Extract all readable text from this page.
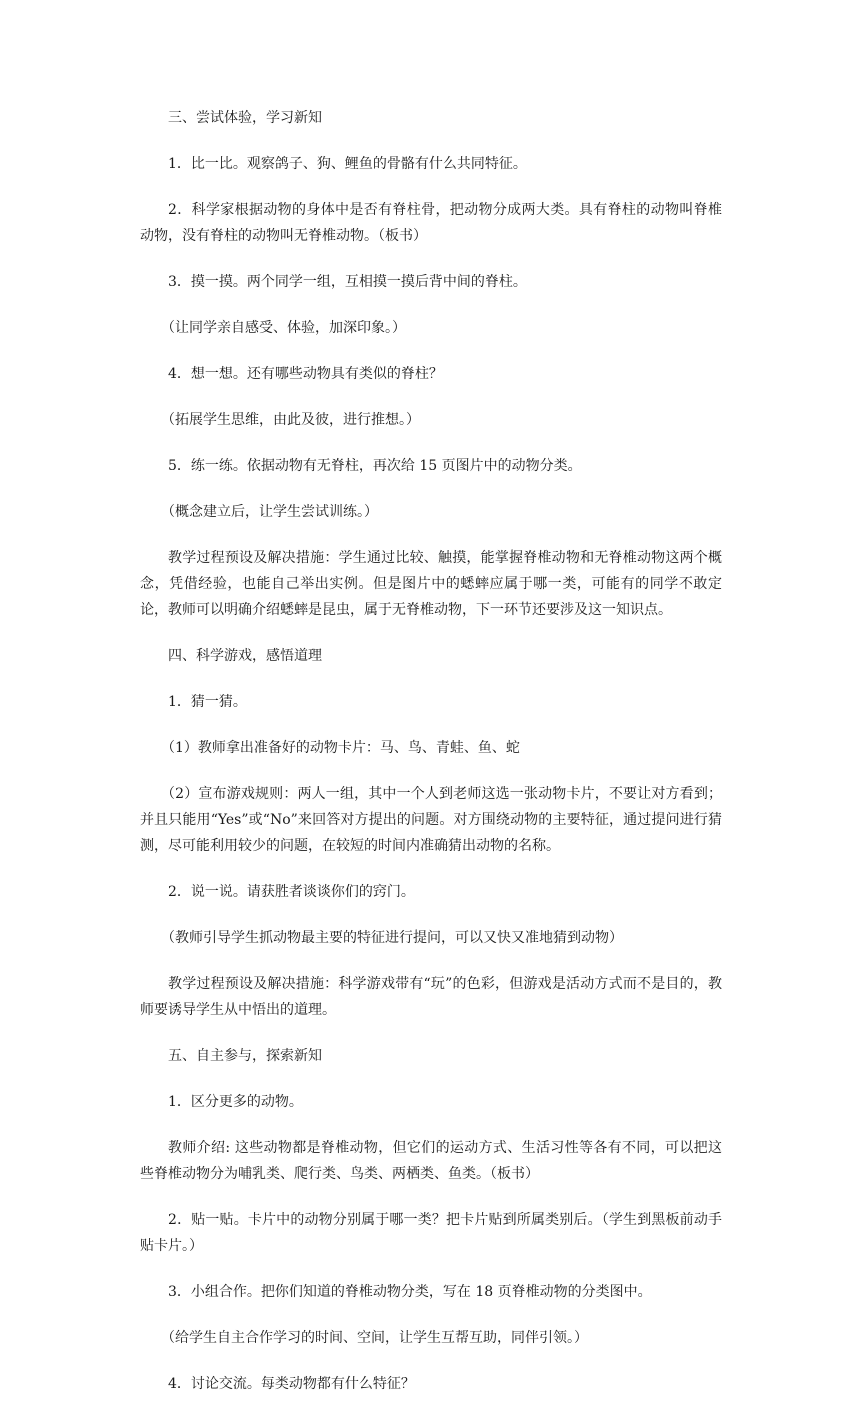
三、尝试体验，学习新知

1．比一比。观察鸽子、狗、鲤鱼的骨骼有什么共同特征。

2．科学家根据动物的身体中是否有脊柱骨，把动物分成两大类。具有脊柱的动物叫脊椎动物，没有脊柱的动物叫无脊椎动物。（板书）

3．摸一摸。两个同学一组，互相摸一摸后背中间的脊柱。

（让同学亲自感受、体验，加深印象。）

4．想一想。还有哪些动物具有类似的脊柱？

（拓展学生思维，由此及彼，进行推想。）

5．练一练。依据动物有无脊柱，再次给 15 页图片中的动物分类。

（概念建立后，让学生尝试训练。）

教学过程预设及解决措施：学生通过比较、触摸，能掌握脊椎动物和无脊椎动物这两个概念，凭借经验，也能自己举出实例。但是图片中的蟋蟀应属于哪一类，可能有的同学不敢定论，教师可以明确介绍蟋蟀是昆虫，属于无脊椎动物，下一环节还要涉及这一知识点。

四、科学游戏，感悟道理

1．猜一猜。

（1）教师拿出准备好的动物卡片：马、鸟、青蛙、鱼、蛇

（2）宣布游戏规则：两人一组，其中一个人到老师这选一张动物卡片，不要让对方看到；并且只能用“Yes”或“No”来回答对方提出的问题。对方围绕动物的主要特征，通过提问进行猜测，尽可能利用较少的问题，在较短的时间内准确猜出动物的名称。

2．说一说。请获胜者谈谈你们的窍门。

（教师引导学生抓动物最主要的特征进行提问，可以又快又准地猜到动物）

教学过程预设及解决措施：科学游戏带有“玩”的色彩，但游戏是活动方式而不是目的，教师要诱导学生从中悟出的道理。

五、自主参与，探索新知

1．区分更多的动物。

教师介绍: 这些动物都是脊椎动物，但它们的运动方式、生活习性等各有不同，可以把这些脊椎动物分为哺乳类、爬行类、鸟类、两栖类、鱼类。（板书）

2．贴一贴。卡片中的动物分别属于哪一类？把卡片贴到所属类别后。（学生到黑板前动手贴卡片。）

3．小组合作。把你们知道的脊椎动物分类，写在 18 页脊椎动物的分类图中。

（给学生自主合作学习的时间、空间，让学生互帮互助，同伴引领。）

4．讨论交流。每类动物都有什么特征？
